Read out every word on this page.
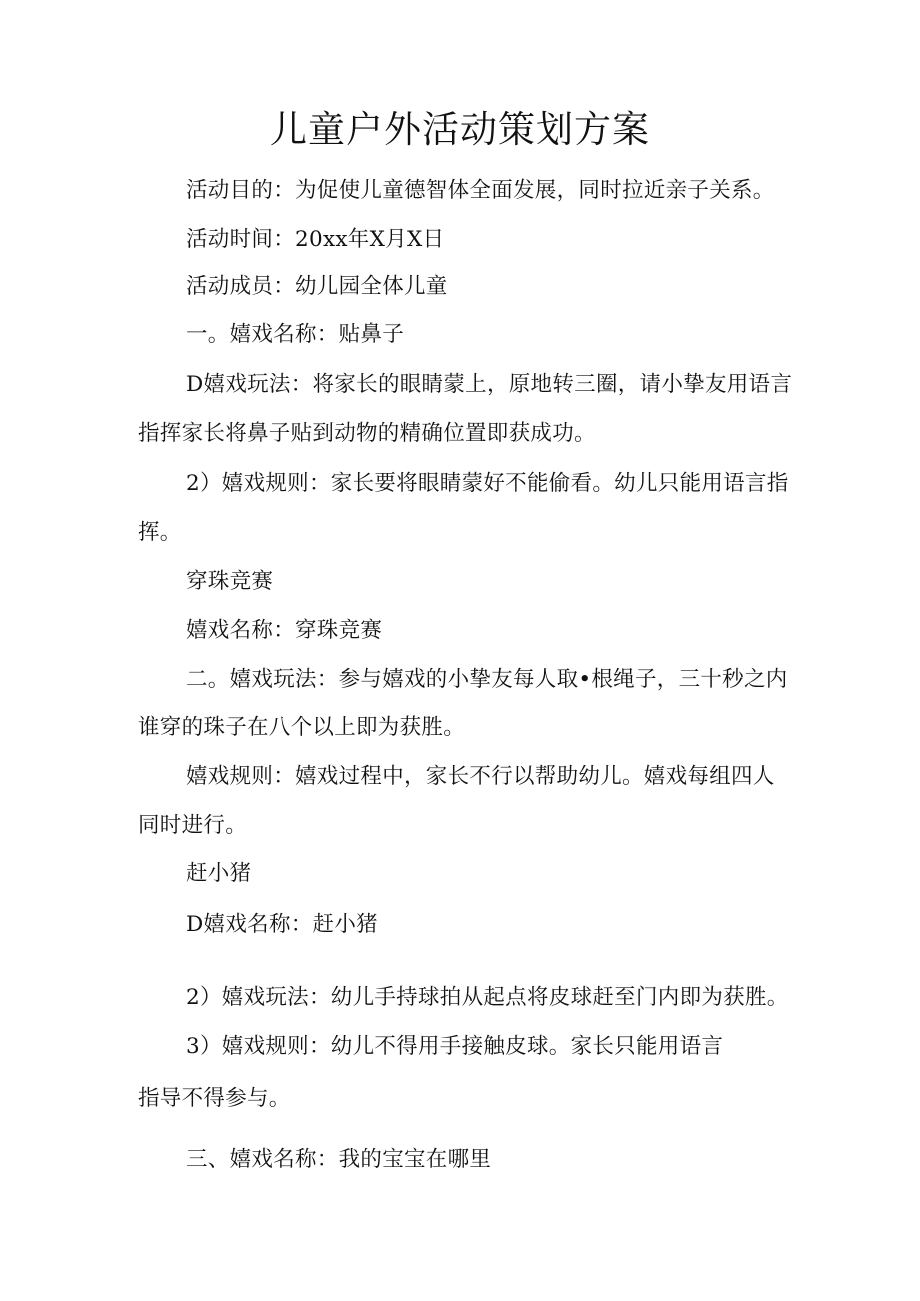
儿童户外活动策划方案

活动目的：为促使儿童德智体全面发展，同时拉近亲子关系。

活动时间：20xx年X月X日

活动成员：幼儿园全体儿童

一。嬉戏名称：贴鼻子

D嬉戏玩法：将家长的眼睛蒙上，原地转三圈，请小挚友用语言

指挥家长将鼻子贴到动物的精确位置即获成功。

2）嬉戏规则：家长要将眼睛蒙好不能偷看。幼儿只能用语言指

挥。

穿珠竞赛

嬉戏名称：穿珠竞赛

二。嬉戏玩法：参与嬉戏的小挚友每人取•根绳子，三十秒之内

谁穿的珠子在八个以上即为获胜。

嬉戏规则：嬉戏过程中，家长不行以帮助幼儿。嬉戏每组四人

同时进行。

赶小猪

D嬉戏名称：赶小猪

2）嬉戏玩法：幼儿手持球拍从起点将皮球赶至门内即为获胜。

3）嬉戏规则：幼儿不得用手接触皮球。家长只能用语言

指导不得参与。

三、嬉戏名称：我的宝宝在哪里
